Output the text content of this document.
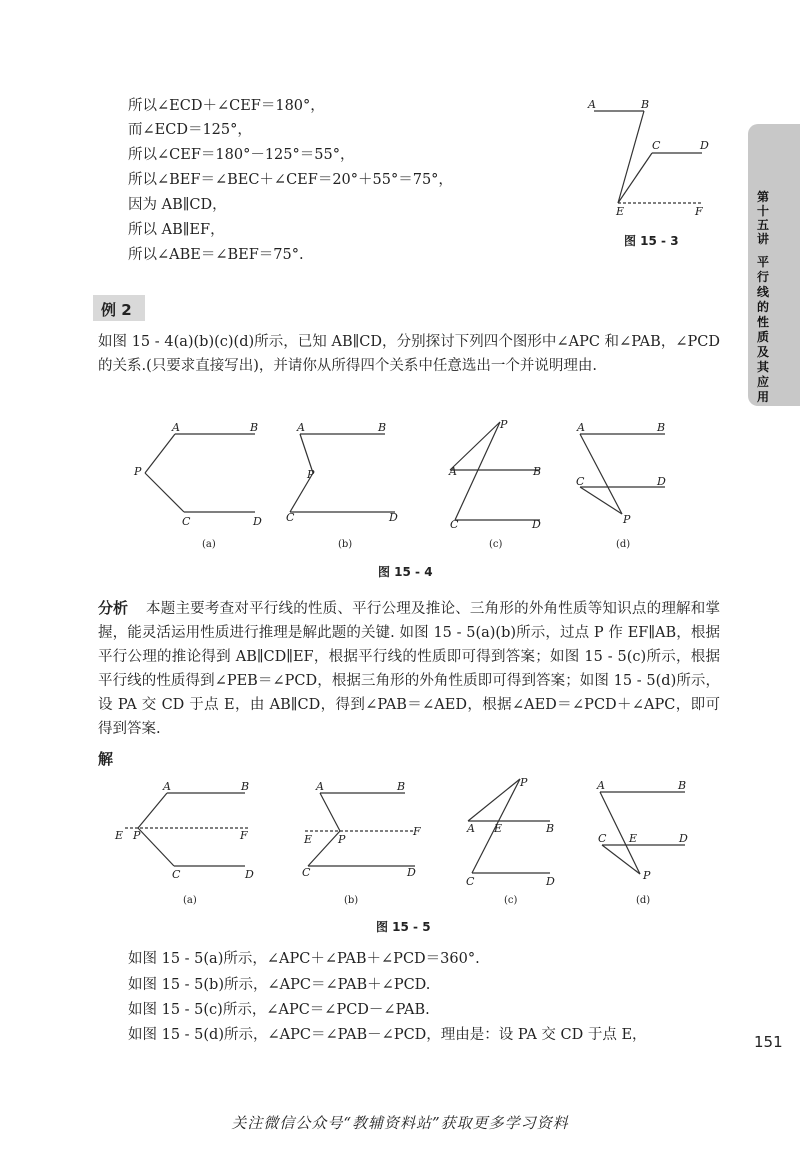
所以∠ECD＋∠CEF＝180°，
而∠ECD＝125°，
所以∠CEF＝180°－125°＝55°，
所以∠BEF＝∠BEC＋∠CEF＝20°＋55°＝75°，
因为 AB∥CD，
所以 AB∥EF，
所以∠ABE＝∠BEF＝75°.
A	B
C	D
E	F
图 15 - 3
第十五讲
平行线的性质及其应用
例 2
如图 15 - 4(a)(b)(c)(d)所示，已知 AB∥CD，分别探讨下列四个图形中∠APC 和∠PAB，∠PCD 的关系.(只要求直接写出)，并请你从所得四个关系中任意选出一个并说明理由.
A	B
P
C	D
A	B
P
C	D
P
A	B
C	D
A	B
C	D
P
(a)	(b)	(c)	(d)
图 15 - 4
分析	本题主要考查对平行线的性质、平行公理及推论、三角形的外角性质等知识点的理解和掌握，能灵活运用性质进行推理是解此题的关键. 如图 15 - 5(a)(b)所示，过点 P 作 EF∥AB，根据平行公理的推论得到 AB∥CD∥EF，根据平行线的性质即可得到答案；如图 15 - 5(c)所示，根据平行线的性质得到∠PEB＝∠PCD，根据三角形的外角性质即可得到答案；如图 15 - 5(d)所示，设 PA 交 CD 于点 E，由 AB∥CD，得到∠PAB＝∠AED，根据∠AED＝∠PCD＋∠APC，即可得到答案.
解
A	B
E P	F
C	D
A	B
E P
F
C	D
P
A E	B
C	D
A	B
C E	D
P
(a)	(b)	(c)	(d)
图 15 - 5
如图 15 - 5(a)所示，∠APC＋∠PAB＋∠PCD＝360°.
如图 15 - 5(b)所示，∠APC＝∠PAB＋∠PCD.
如图 15 - 5(c)所示，∠APC＝∠PCD－∠PAB.
如图 15 - 5(d)所示，∠APC＝∠PAB－∠PCD，理由是：设 PA 交 CD 于点 E，	151
关注微信公众号“教辅资料站”获取更多学习资料
